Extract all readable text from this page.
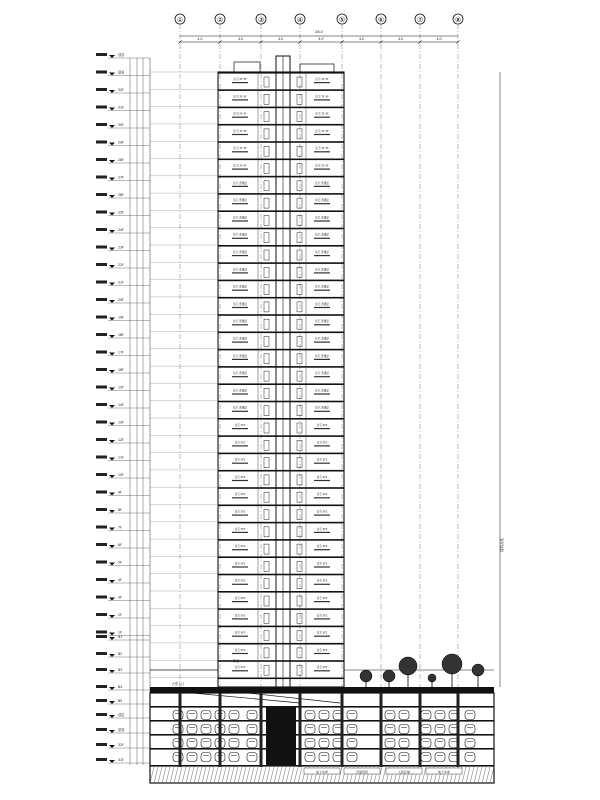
①	②	③	④	⑤	⑥	⑦	⑧
28.0
4.0	4.0	4.0	4.0	4.0	4.0	4.0
顶层
屋面
32F
31F
30F
29F
28F
27F
26F
25F
24F
23F
22F
21F
20F
19F
18F
17F
16F
15F
14F
13F
12F
11F
10F
9F
8F
7F
6F
5F
4F
3F
2F
1F
B1
B2
B3
B4
B5
顶层
屋面
32F
31F
住宅 2F-3F	住宅 2F-3F
住宅 2F-3F	住宅 2F-3F
住宅 2F-3F	住宅 2F-3F
住宅 2F-3F	住宅 2F-3F
住宅 2F-3F	住宅 2F-3F
住宅 2F-3F	住宅 2F-3F
住宅 普通层	住宅 普通层
住宅 普通层	住宅 普通层
住宅 普通层	住宅 普通层
住宅 普通层	住宅 普通层
住宅 普通层	住宅 普通层
住宅 普通层	住宅 普通层
住宅 普通层	住宅 普通层
住宅 普通层	住宅 普通层
住宅 普通层	住宅 普通层
住宅 普通层	住宅 普通层
住宅 普通层	住宅 普通层
住宅 普通层	住宅 普通层
住宅 普通层	住宅 普通层
住宅 普通层	住宅 普通层
住宅 SF2	住宅 SF2
住宅 SF2	住宅 SF2
住宅 SF2	住宅 SF2
住宅 SF2	住宅 SF2
住宅 SF2	住宅 SF2
住宅 SF2	住宅 SF2
住宅 SF2	住宅 SF2
住宅 SF2	住宅 SF2
住宅 SF2	住宅 SF2
住宅 SF2	住宅 SF2
住宅 SF2	住宅 SF2
住宅 SF2	住宅 SF2
住宅 SF2	住宅 SF2
住宅 SF2	住宅 SF2
住宅 SF2	住宅 SF2
大堂入口
商业
地下车库	设备用房	人防区域	地下车库
建筑高度
